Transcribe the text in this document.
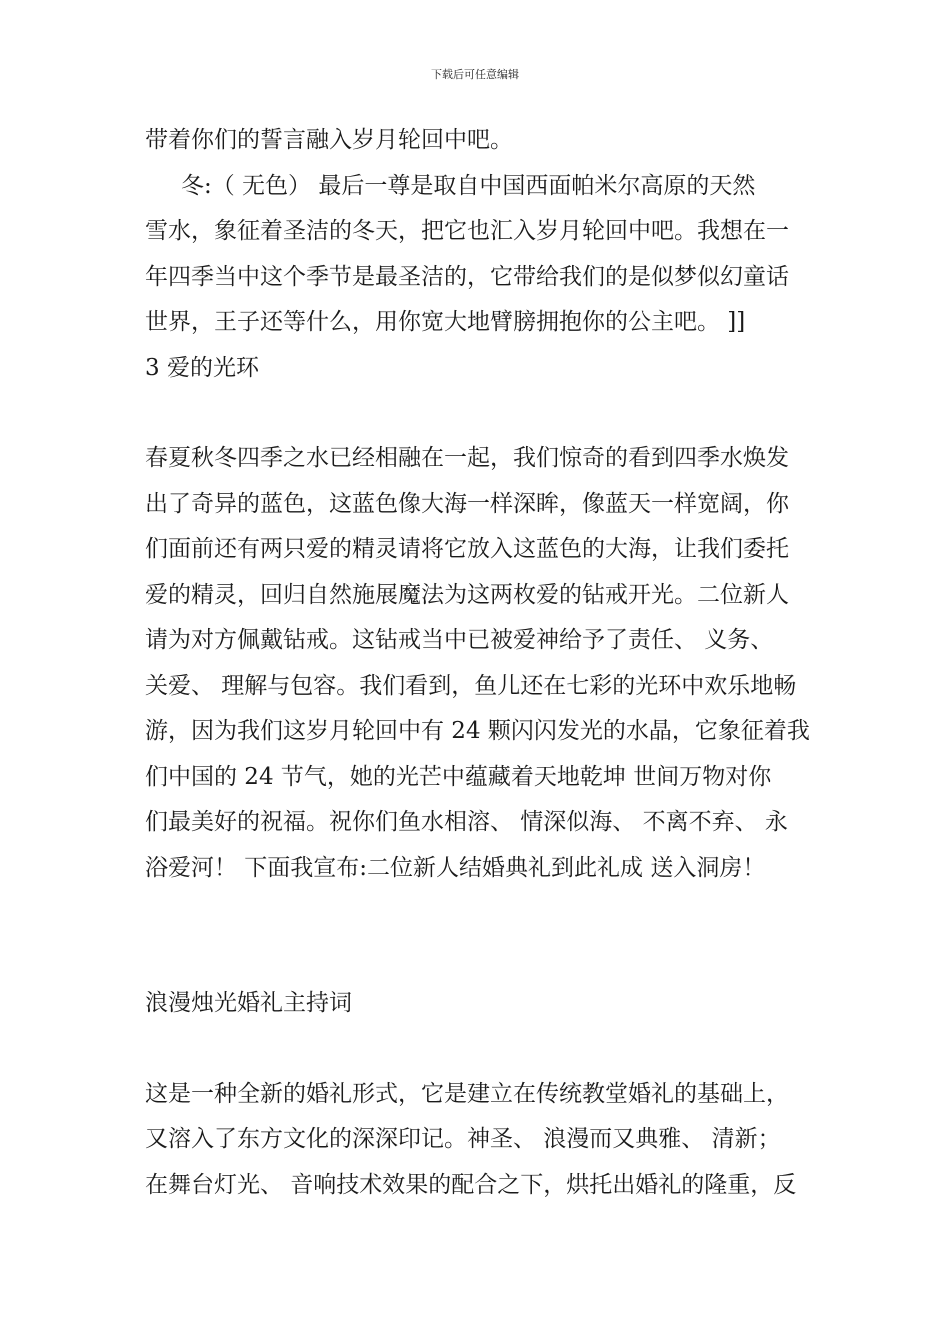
下载后可任意编辑
带着你们的誓言融入岁月轮回中吧。
冬:（ 无色） 最后一尊是取自中国西面帕米尔高原的天然
雪水，象征着圣洁的冬天，把它也汇入岁月轮回中吧。我想在一
年四季当中这个季节是最圣洁的，它带给我们的是似梦似幻童话
世界，王子还等什么，用你宽大地臂膀拥抱你的公主吧。 ]]
3 爱的光环
春夏秋冬四季之水已经相融在一起，我们惊奇的看到四季水焕发
出了奇异的蓝色，这蓝色像大海一样深眸，像蓝天一样宽阔，你
们面前还有两只爱的精灵请将它放入这蓝色的大海，让我们委托
爱的精灵，回归自然施展魔法为这两枚爱的钻戒开光。二位新人
请为对方佩戴钻戒。这钻戒当中已被爱神给予了责任、 义务、
关爱、 理解与包容。我们看到，鱼儿还在七彩的光环中欢乐地畅
游，因为我们这岁月轮回中有 24 颗闪闪发光的水晶，它象征着我
们中国的 24 节气，她的光芒中蕴藏着天地乾坤 世间万物对你
们最美好的祝福。祝你们鱼水相溶、 情深似海、 不离不弃、 永
浴爱河！ 下面我宣布:二位新人结婚典礼到此礼成 送入洞房！
浪漫烛光婚礼主持词
这是一种全新的婚礼形式，它是建立在传统教堂婚礼的基础上，
又溶入了东方文化的深深印记。神圣、 浪漫而又典雅、 清新；
在舞台灯光、 音响技术效果的配合之下，烘托出婚礼的隆重，反
